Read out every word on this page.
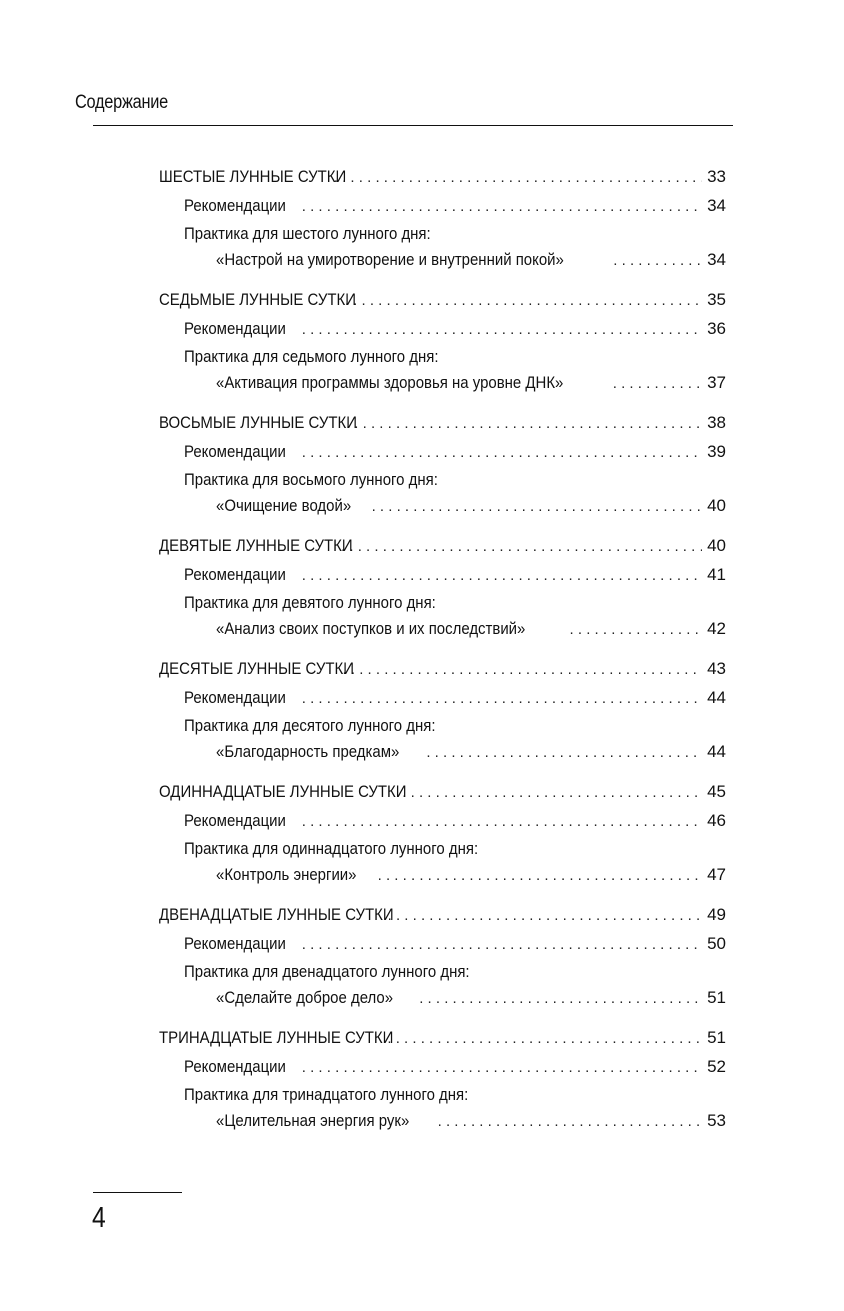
Содержание
ШЕСТЫЕ ЛУННЫЕ СУТКИ . . .	33
Рекомендации . . .	34
Практика для шестого лунного дня:
«Настрой на умиротворение и внутренний покой» . . .	34
СЕДЬМЫЕ ЛУННЫЕ СУТКИ . . .	35
Рекомендации . . .	36
Практика для седьмого лунного дня:
«Активация программы здоровья на уровне ДНК» . . .	37
ВОСЬМЫЕ ЛУННЫЕ СУТКИ . . .	38
Рекомендации . . .	39
Практика для восьмого лунного дня:
«Очищение водой» . . .	40
ДЕВЯТЫЕ ЛУННЫЕ СУТКИ . . .	40
Рекомендации . . .	41
Практика для девятого лунного дня:
«Анализ своих поступков и их последствий» . . .	42
ДЕСЯТЫЕ ЛУННЫЕ СУТКИ . . .	43
Рекомендации . . .	44
Практика для десятого лунного дня:
«Благодарность предкам» . . .	44
ОДИННАДЦАТЫЕ ЛУННЫЕ СУТКИ . . .	45
Рекомендации . . .	46
Практика для одиннадцатого лунного дня:
«Контроль энергии» . . .	47
ДВЕНАДЦАТЫЕ ЛУННЫЕ СУТКИ . . .	49
Рекомендации . . .	50
Практика для двенадцатого лунного дня:
«Сделайте доброе дело» . . .	51
ТРИНАДЦАТЫЕ ЛУННЫЕ СУТКИ . . .	51
Рекомендации . . .	52
Практика для тринадцатого лунного дня:
«Целительная энергия рук» . . .	53
4
